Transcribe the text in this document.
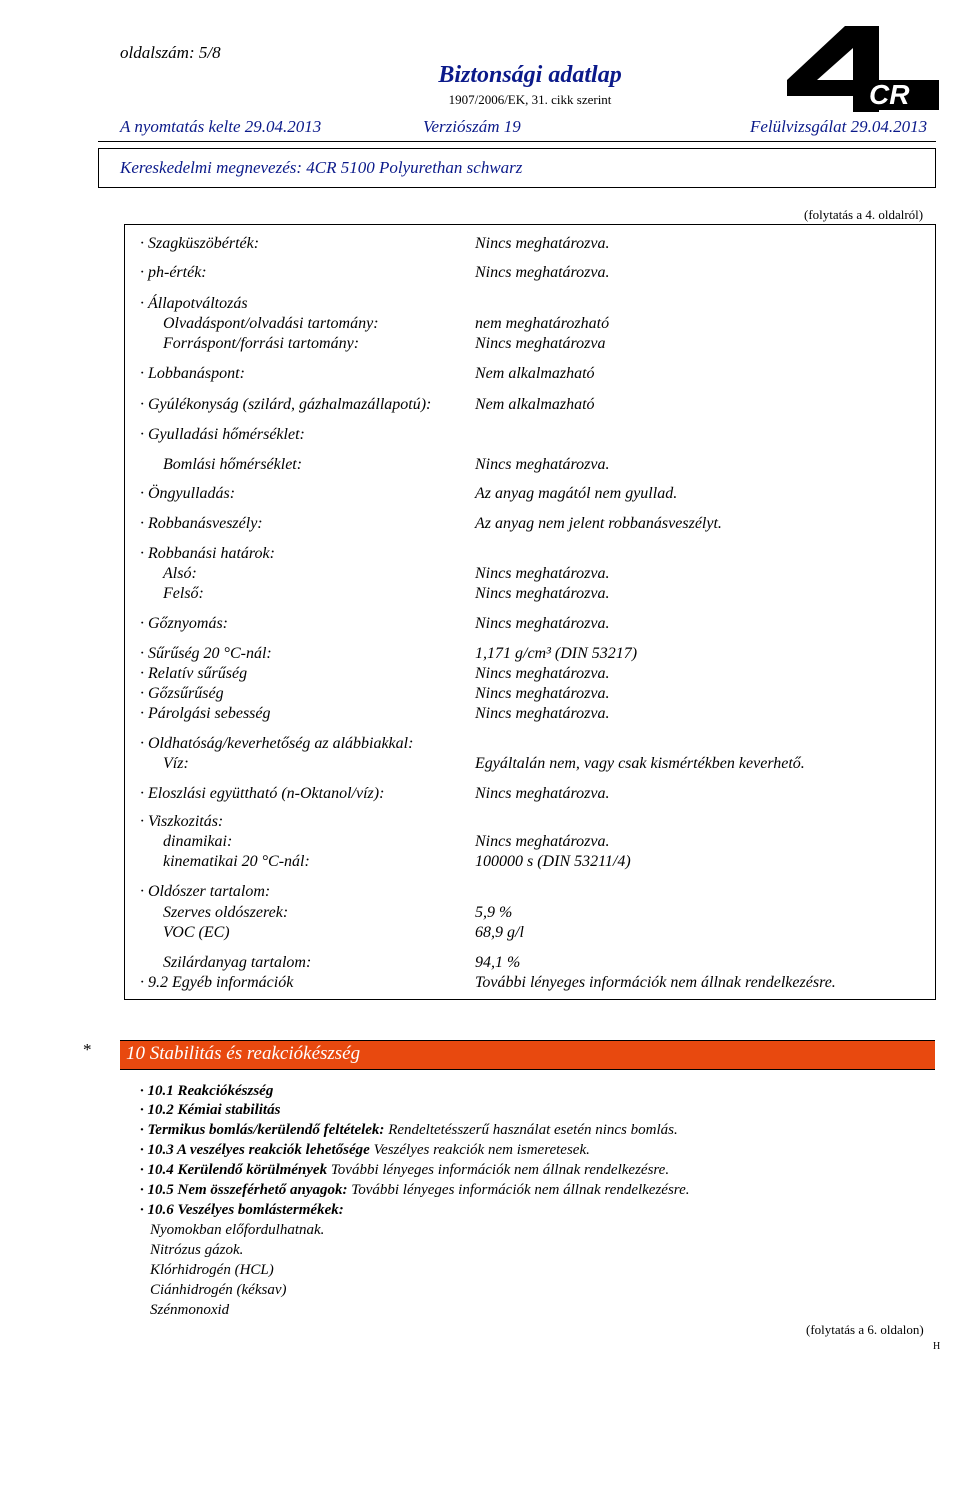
oldalszám: 5/8
Biztonsági adatlap
1907/2006/EK, 31. cikk szerint	CR
A nyomtatás kelte 29.04.2013	Verziószám 19	Felülvizsgálat 29.04.2013
Kereskedelmi megnevezés: 4CR 5100 Polyurethan schwarz
(folytatás a 4. oldalról)
· Szagküszöbérték:	Nincs meghatározva.
· ph-érték:	Nincs meghatározva.
· Állapotváltozás
Olvadáspont/olvadási tartomány:	nem meghatározható
Forráspont/forrási tartomány:	Nincs meghatározva
· Lobbanáspont:	Nem alkalmazható
· Gyúlékonyság (szilárd, gázhalmazállapotú):	Nem alkalmazható
· Gyulladási hőmérséklet:
Bomlási hőmérséklet:	Nincs meghatározva.
· Öngyulladás:	Az anyag magától nem gyullad.
· Robbanásveszély:	Az anyag nem jelent robbanásveszélyt.
· Robbanási határok:
Alsó:	Nincs meghatározva.
Felső:	Nincs meghatározva.
· Gőznyomás:	Nincs meghatározva.
· Sűrűség 20 °C-nál:	1,171 g/cm³ (DIN 53217)
· Relatív sűrűség	Nincs meghatározva.
· Gőzsűrűség	Nincs meghatározva.
· Párolgási sebesség	Nincs meghatározva.
· Oldhatóság/keverhetőség az alábbiakkal:
Víz:	Egyáltalán nem, vagy csak kismértékben keverhető.
· Eloszlási együttható (n-Oktanol/víz):	Nincs meghatározva.
· Viszkozitás:
dinamikai:	Nincs meghatározva.
kinematikai 20 °C-nál:	100000 s (DIN 53211/4)
· Oldószer tartalom:
Szerves oldószerek:	5,9 %
VOC (EC)	68,9 g/l
Szilárdanyag tartalom:	94,1 %
· 9.2 Egyéb információk	További lényeges információk nem állnak rendelkezésre.
* 10 Stabilitás és reakciókészség
· 10.1 Reakciókészség
· 10.2 Kémiai stabilitás
· Termikus bomlás/kerülendő feltételek: Rendeltetésszerű használat esetén nincs bomlás.
· 10.3 A veszélyes reakciók lehetősége Veszélyes reakciók nem ismeretesek.
· 10.4 Kerülendő körülmények További lényeges információk nem állnak rendelkezésre.
· 10.5 Nem összeférhető anyagok: További lényeges információk nem állnak rendelkezésre.
· 10.6 Veszélyes bomlástermékek:
Nyomokban előfordulhatnak.
Nitrózus gázok.
Klórhidrogén (HCL)
Ciánhidrogén (kéksav)
Szénmonoxid
(folytatás a 6. oldalon)
H
